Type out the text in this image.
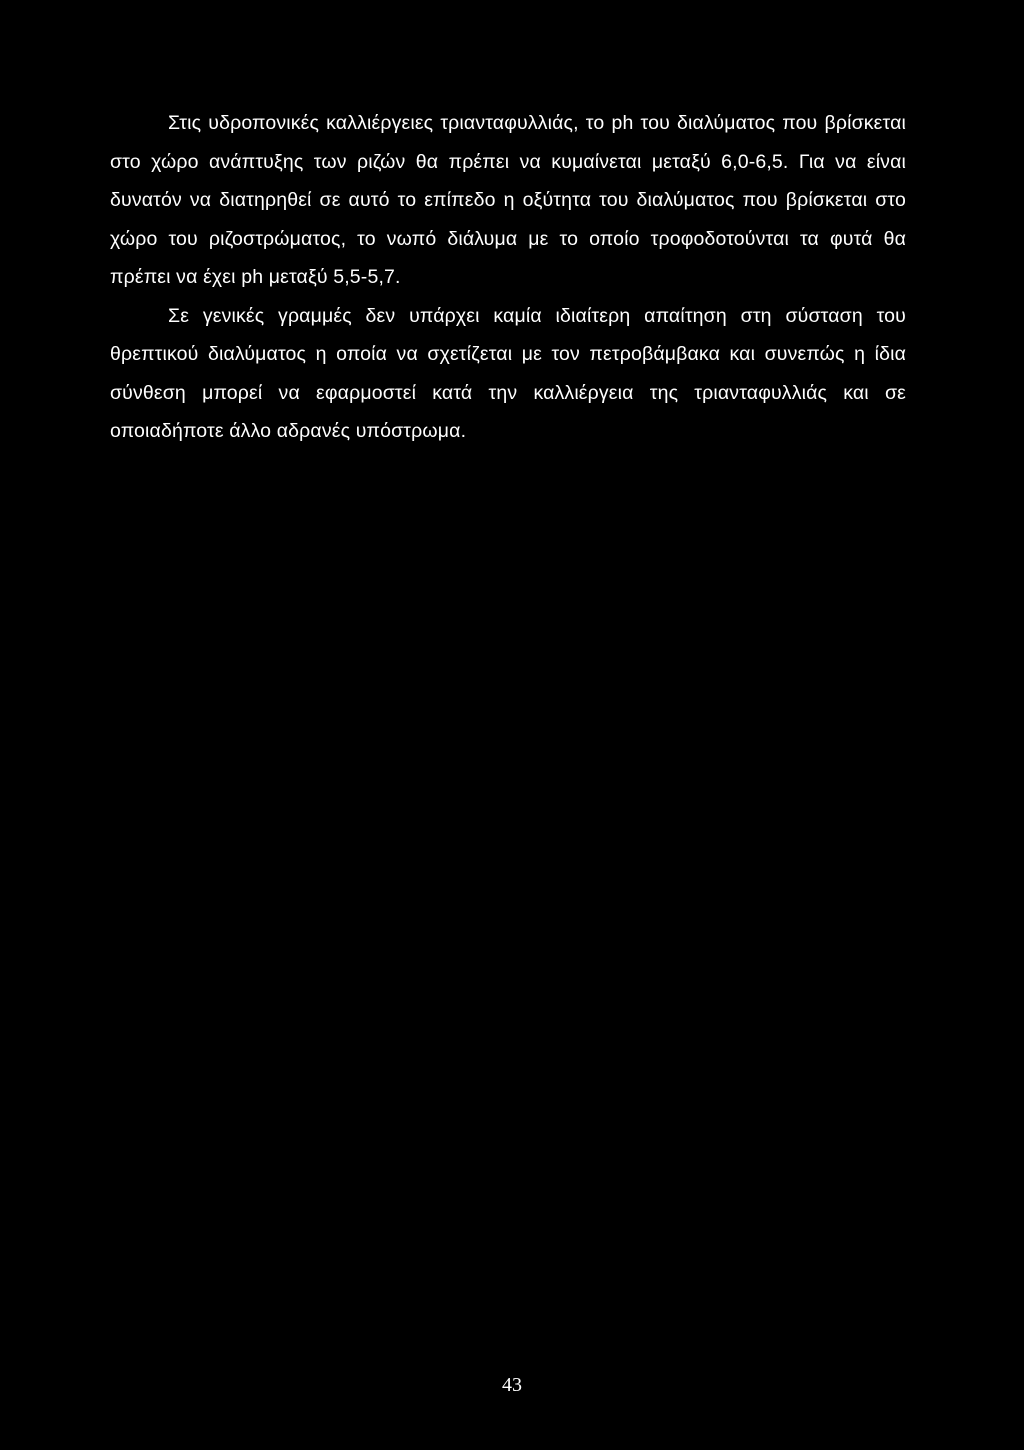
Στις υδροπονικές καλλιέργειες τριανταφυλλιάς, το ph του διαλύματος που βρίσκεται στο χώρο ανάπτυξης των ριζών θα πρέπει να κυμαίνεται μεταξύ 6,0-6,5. Για να είναι δυνατόν να διατηρηθεί σε αυτό το επίπεδο η οξύτητα του διαλύματος που βρίσκεται στο χώρο του ριζοστρώματος, το νωπό διάλυμα με το οποίο τροφοδοτούνται τα φυτά θα πρέπει να έχει ph μεταξύ 5,5-5,7.

Σε γενικές γραμμές δεν υπάρχει καμία ιδιαίτερη απαίτηση στη σύσταση του θρεπτικού διαλύματος η οποία να σχετίζεται με τον πετροβάμβακα και συνεπώς η ίδια σύνθεση μπορεί να εφαρμοστεί κατά την καλλιέργεια της τριανταφυλλιάς και σε οποιαδήποτε άλλο αδρανές υπόστρωμα.

43
